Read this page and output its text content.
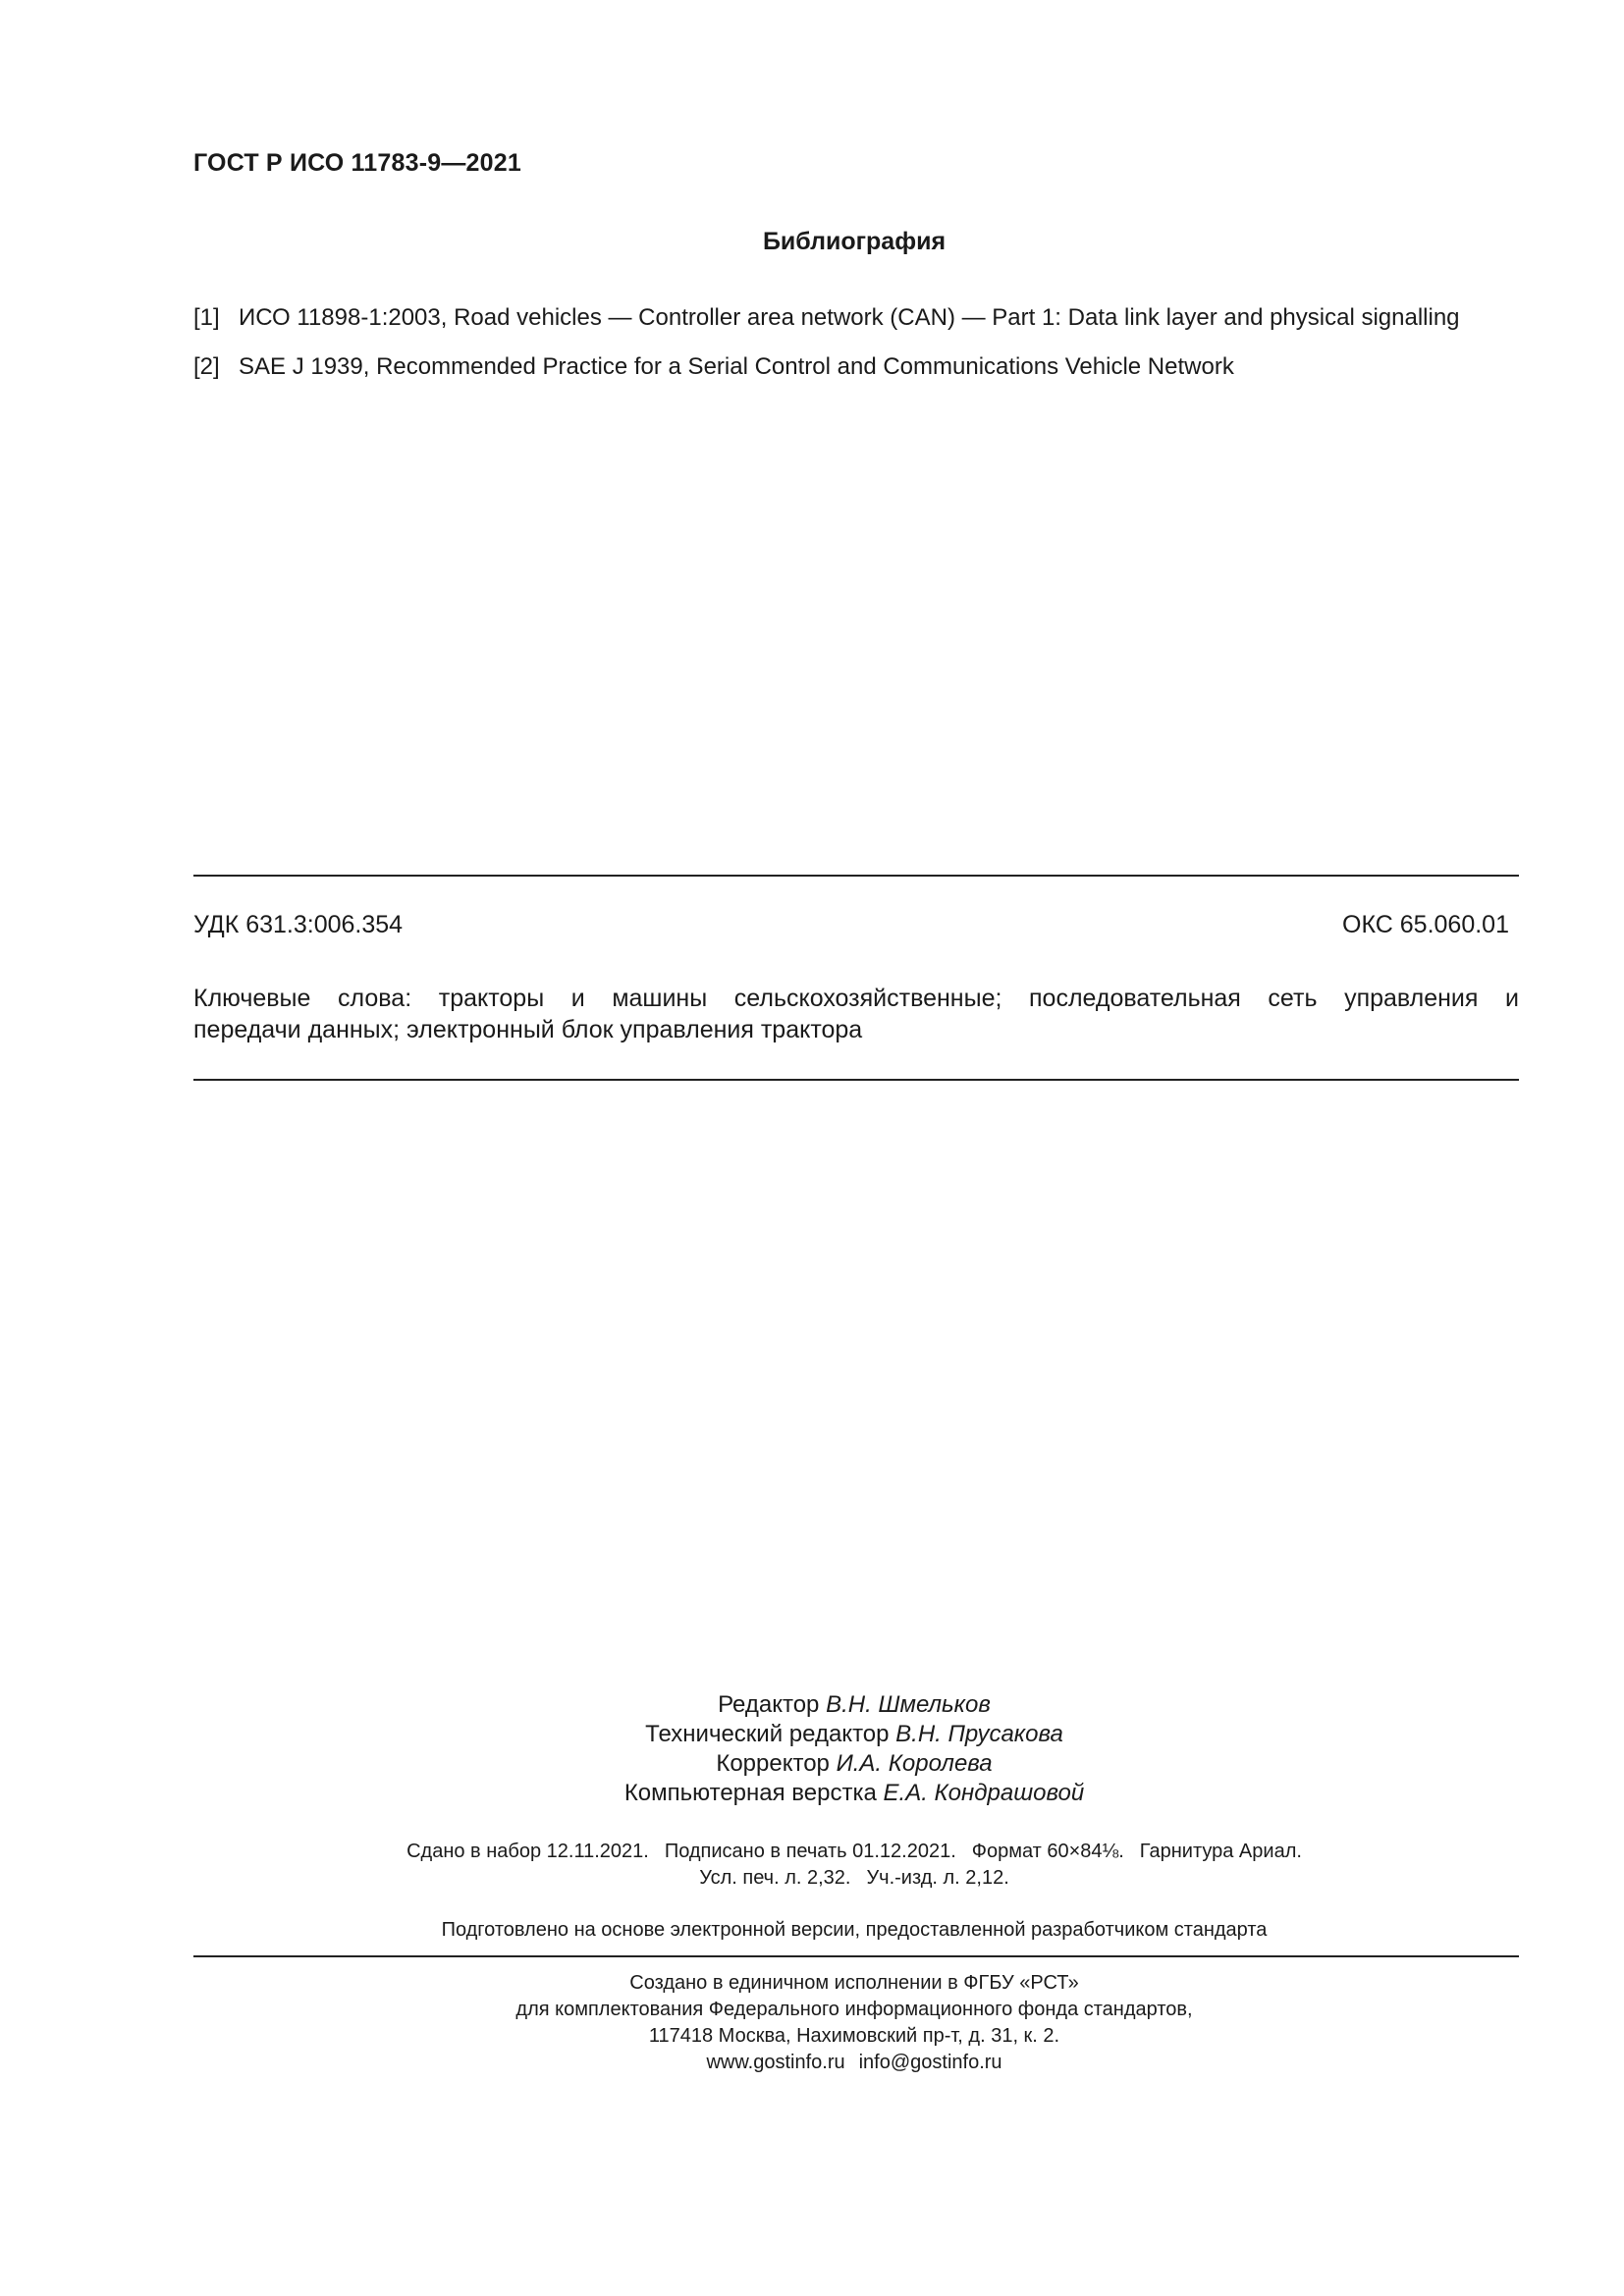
ГОСТ Р ИСО 11783-9—2021
Библиография
[1] ИСО 11898-1:2003, Road vehicles — Controller area network (CAN) — Part 1: Data link layer and physical signalling
[2] SAE J 1939, Recommended Practice for a Serial Control and Communications Vehicle Network
УДК 631.3:006.354	ОКС 65.060.01
Ключевые слова: тракторы и машины сельскохозяйственные; последовательная сеть управления и
передачи данных; электронный блок управления трактора
Редактор В.Н. Шмельков
Технический редактор В.Н. Прусакова
Корректор И.А. Королева
Компьютерная верстка Е.А. Кондрашовой
Сдано в набор 12.11.2021. Подписано в печать 01.12.2021. Формат 60×84⅛. Гарнитура Ариал.
Усл. печ. л. 2,32. Уч.-изд. л. 2,12.
Подготовлено на основе электронной версии, предоставленной разработчиком стандарта
Создано в единичном исполнении в ФГБУ «РСТ»
для комплектования Федерального информационного фонда стандартов,
117418 Москва, Нахимовский пр-т, д. 31, к. 2.
www.gostinfo.ru info@gostinfo.ru
